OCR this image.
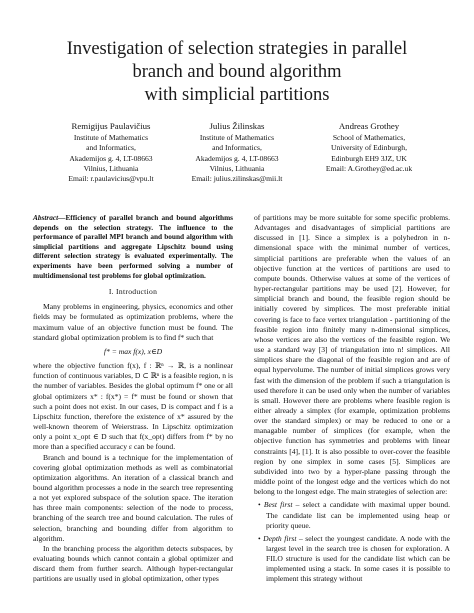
Investigation of selection strategies in parallel
branch and bound algorithm
with simplicial partitions
Remigijus Paulavičius
Institute of Mathematics
and Informatics,
Akademijos g. 4, LT-08663
Vilnius, Lithuania
Email: r.paulavicius@vpu.lt
Julius Žilinskas
Institute of Mathematics
and Informatics,
Akademijos g. 4, LT-08663
Vilnius, Lithuania
Email: julius.zilinskas@mii.lt
Andreas Grothey
School of Mathematics,
University of Edinburgh,
Edinburgh EH9 3JZ, UK
Email: A.Grothey@ed.ac.uk

Abstract—Efficiency of parallel branch and bound algorithms depends on the selection strategy. The influence to the performance of parallel MPI branch and bound algorithm with simplicial partitions and aggregate Lipschitz bound using different selection strategy is evaluated experimentally. The experiments have been performed solving a number of multidimensional test problems for global optimization.

I. Introduction

Many problems in engineering, physics, economics and other fields may be formulated as optimization problems, where the maximum value of an objective function must be found. The standard global optimization problem is to find f* such that

f* = max f(x), x∈D

where the objective function f(x), f : ℝⁿ → ℝ, is a nonlinear function of continuous variables, D ⊂ ℝⁿ is a feasible region, n is the number of variables. Besides the global optimum f* one or all global optimizers x* : f(x*) = f* must be found or shown that such a point does not exist. In our cases, D is compact and f is a Lipschitz function, therefore the existence of x* assured by the well-known theorem of Weierstrass. In Lipschitz optimization only a point x_opt ∈ D such that f(x_opt) differs from f* by no more than a specified accuracy ε can be found.

Branch and bound is a technique for the implementation of covering global optimization methods as well as combinatorial optimization algorithms. An iteration of a classical branch and bound algorithm processes a node in the search tree representing a not yet explored subspace of the solution space. The iteration has three main components: selection of the node to process, branching of the search tree and bound calculation. The rules of selection, branching and bounding differ from algorithm to algorithm.

In the branching process the algorithm detects subspaces, by evaluating bounds which cannot contain a global optimizer and discard them from further search. Although hyper-rectangular partitions are usually used in global optimization, other types

of partitions may be more suitable for some specific problems. Advantages and disadvantages of simplicial partitions are discussed in [1]. Since a simplex is a polyhedron in n-dimensional space with the minimal number of vertices, simplicial partitions are preferable when the values of an objective function at the vertices of partitions are used to compute bounds. Otherwise values at some of the vertices of hyper-rectangular partitions may be used [2]. However, for simplicial branch and bound, the feasible region should be initially covered by simplices. The most preferable initial covering is face to face vertex triangulation - partitioning of the feasible region into finitely many n-dimensional simplices, whose vertices are also the vertices of the feasible region. We use a standard way [3] of triangulation into n! simplices. All simplices share the diagonal of the feasible region and are of equal hypervolume. The number of initial simplices grows very fast with the dimension of the problem if such a triangulation is used therefore it can be used only when the number of variables is small. However there are problems where feasible region is either already a simplex (for example, optimization problems over the standard simplex) or may be reduced to one or a managable number of simplices (for example, when the objective function has symmetries and problems with linear constraints [4], [1]. It is also possible to over-cover the feasible region by one simplex in some cases [5]. Simplices are subdivided into two by a hyper-plane passing through the middle point of the longest edge and the vertices which do not belong to the longest edge. The main strategies of selection are:

• Best first – select a candidate with maximal upper bound. The candidate list can be implemented using heap or priority queue.

• Depth first – select the youngest candidate. A node with the largest level in the search tree is chosen for exploration. A FILO structure is used for the candidate list which can be implemented using a stack. In some cases it is possible to implement this strategy without
